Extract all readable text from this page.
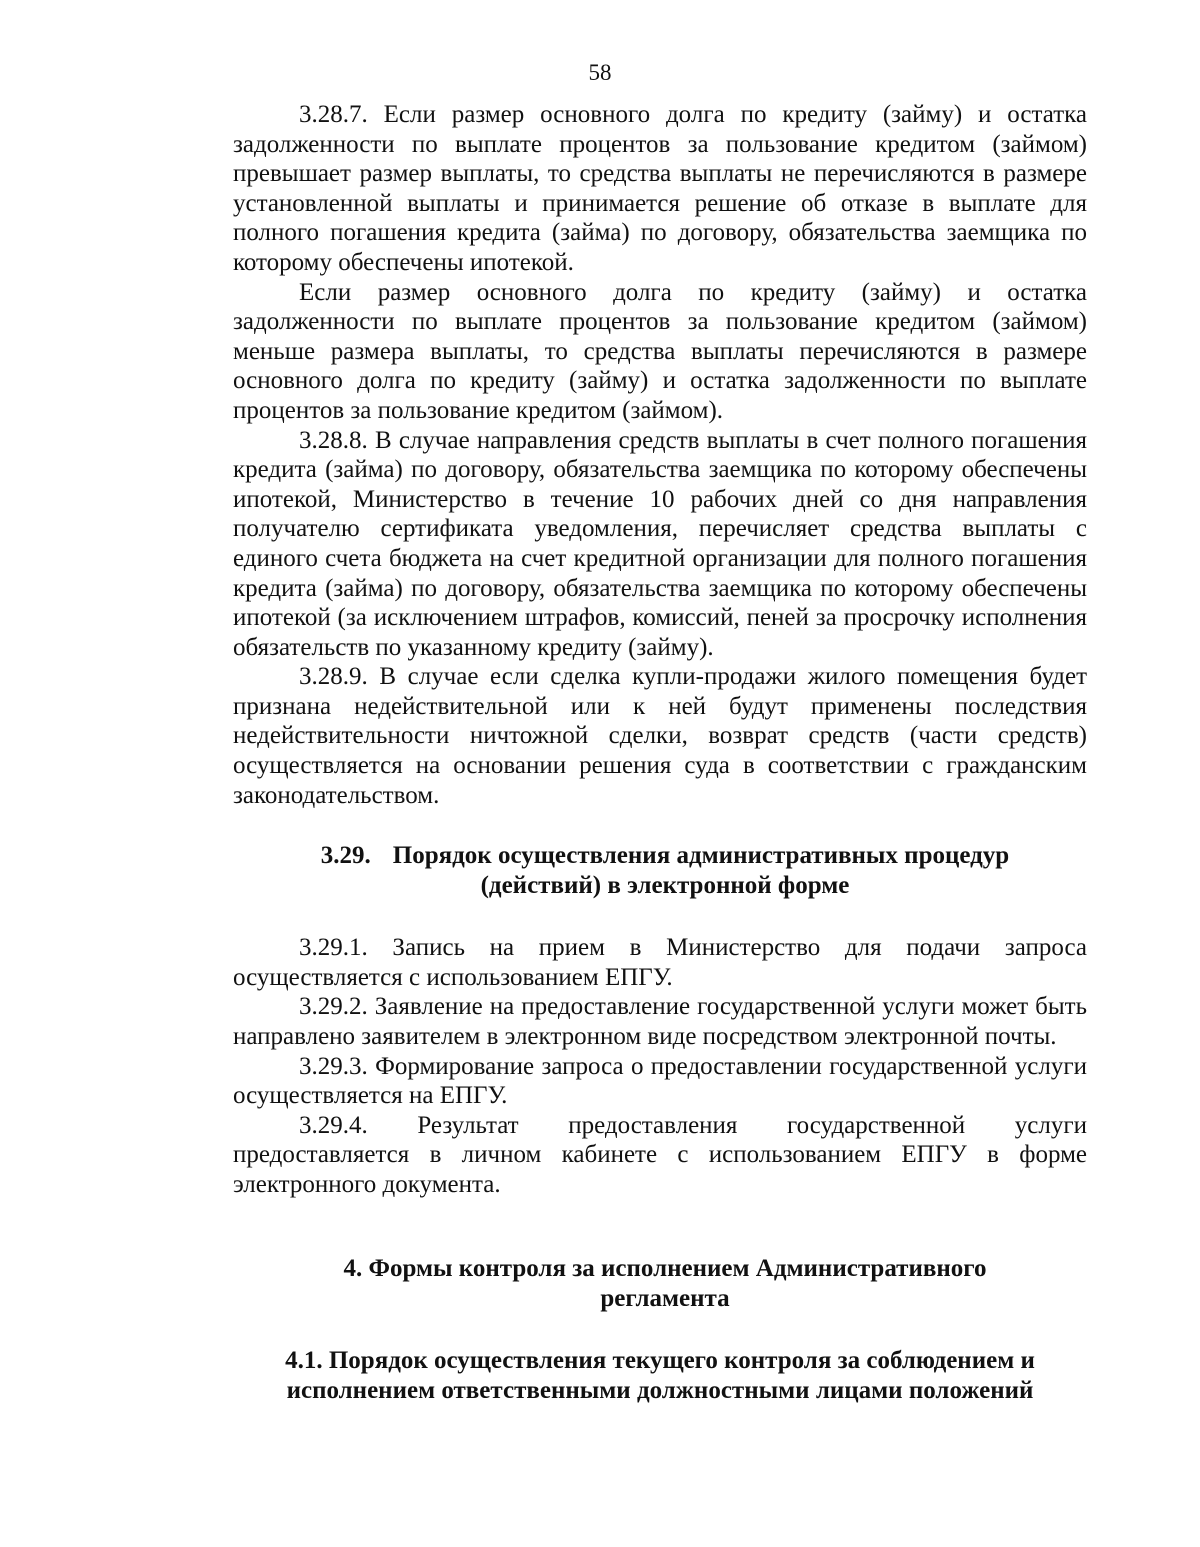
58

3.28.7. Если размер основного долга по кредиту (займу) и остатка задолженности по выплате процентов за пользование кредитом (займом) превышает размер выплаты, то средства выплаты не перечисляются в размере установленной выплаты и принимается решение об отказе в выплате для полного погашения кредита (займа) по договору, обязательства заемщика по которому обеспечены ипотекой.

Если размер основного долга по кредиту (займу) и остатка задолженности по выплате процентов за пользование кредитом (займом) меньше размера выплаты, то средства выплаты перечисляются в размере основного долга по кредиту (займу) и остатка задолженности по выплате процентов за пользование кредитом (займом).

3.28.8. В случае направления средств выплаты в счет полного погашения кредита (займа) по договору, обязательства заемщика по которому обеспечены ипотекой, Министерство в течение 10 рабочих дней со дня направления получателю сертификата уведомления, перечисляет средства выплаты с единого счета бюджета на счет кредитной организации для полного погашения кредита (займа) по договору, обязательства заемщика по которому обеспечены ипотекой (за исключением штрафов, комиссий, пеней за просрочку исполнения обязательств по указанному кредиту (займу).

3.28.9. В случае если сделка купли-продажи жилого помещения будет признана недействительной или к ней будут применены последствия недействительности ничтожной сделки, возврат средств (части средств) осуществляется на основании решения суда в соответствии с гражданским законодательством.

3.29. Порядок осуществления административных процедур
(действий) в электронной форме

3.29.1. Запись на прием в Министерство для подачи запроса осуществляется с использованием ЕПГУ.

3.29.2. Заявление на предоставление государственной услуги может быть направлено заявителем в электронном виде посредством электронной почты.

3.29.3. Формирование запроса о предоставлении государственной услуги осуществляется на ЕПГУ.

3.29.4. Результат предоставления государственной услуги предоставляется в личном кабинете с использованием ЕПГУ в форме электронного документа.

4. Формы контроля за исполнением Административного
регламента
4.1. Порядок осуществления текущего контроля за соблюдением и
исполнением ответственными должностными лицами положений
